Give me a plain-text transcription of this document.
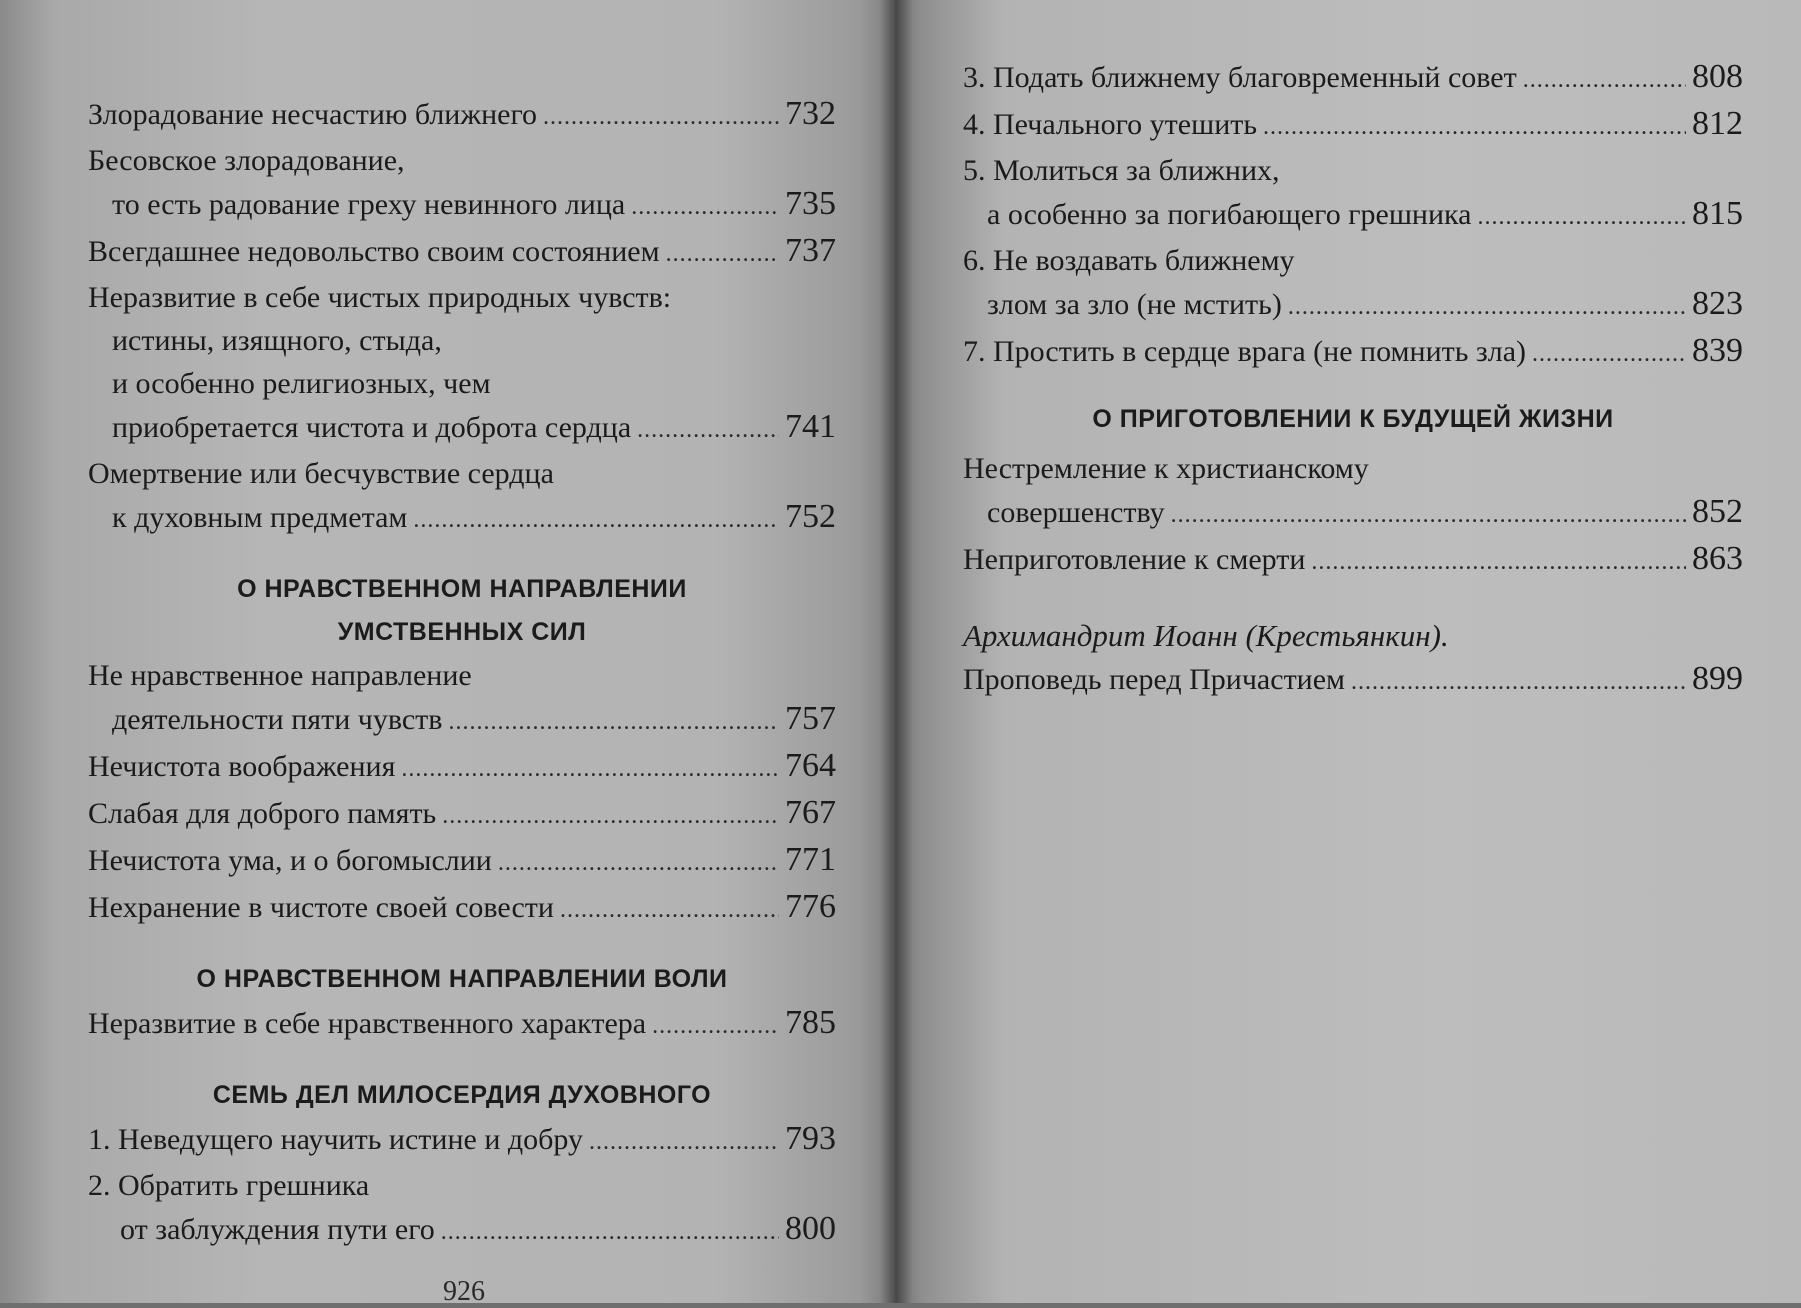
Злорадование несчастию ближнего .....	732
Бесовское злорадование,
то есть радование греху невинного лица .....	735
Всегдашнее недовольство своим состоянием .....	737
Неразвитие в себе чистых природных чувств:
истины, изящного, стыда,
и особенно религиозных, чем
приобретается чистота и доброта сердца .....	741
Омертвение или бесчувствие сердца
к духовным предметам .....	752
О НРАВСТВЕННОМ НАПРАВЛЕНИИ
УМСТВЕННЫХ СИЛ
Не нравственное направление
деятельности пяти чувств .....	757
Нечистота воображения .....	764
Слабая для доброго память .....	767
Нечистота ума, и о богомыслии .....	771
Нехранение в чистоте своей совести .....	776
О НРАВСТВЕННОМ НАПРАВЛЕНИИ ВОЛИ
Неразвитие в себе нравственного характера .....	785
СЕМЬ ДЕЛ МИЛОСЕРДИЯ ДУХОВНОГО
1. Неведущего научить истине и добру .....	793
2. Обратить грешника
от заблуждения пути его .....	800
926
3. Подать ближнему благовременный совет .....	808
4. Печального утешить .....	812
5. Молиться за ближних,
а особенно за погибающего грешника .....	815
6. Не воздавать ближнему
злом за зло (не мстить) .....	823
7. Простить в сердце врага (не помнить зла) .....	839
О ПРИГОТОВЛЕНИИ К БУДУЩЕЙ ЖИЗНИ
Нестремление к христианскому
совершенству .....	852
Неприготовление к смерти .....	863
Архимандрит Иоанн (Крестьянкин).
Проповедь перед Причастием .....	899
